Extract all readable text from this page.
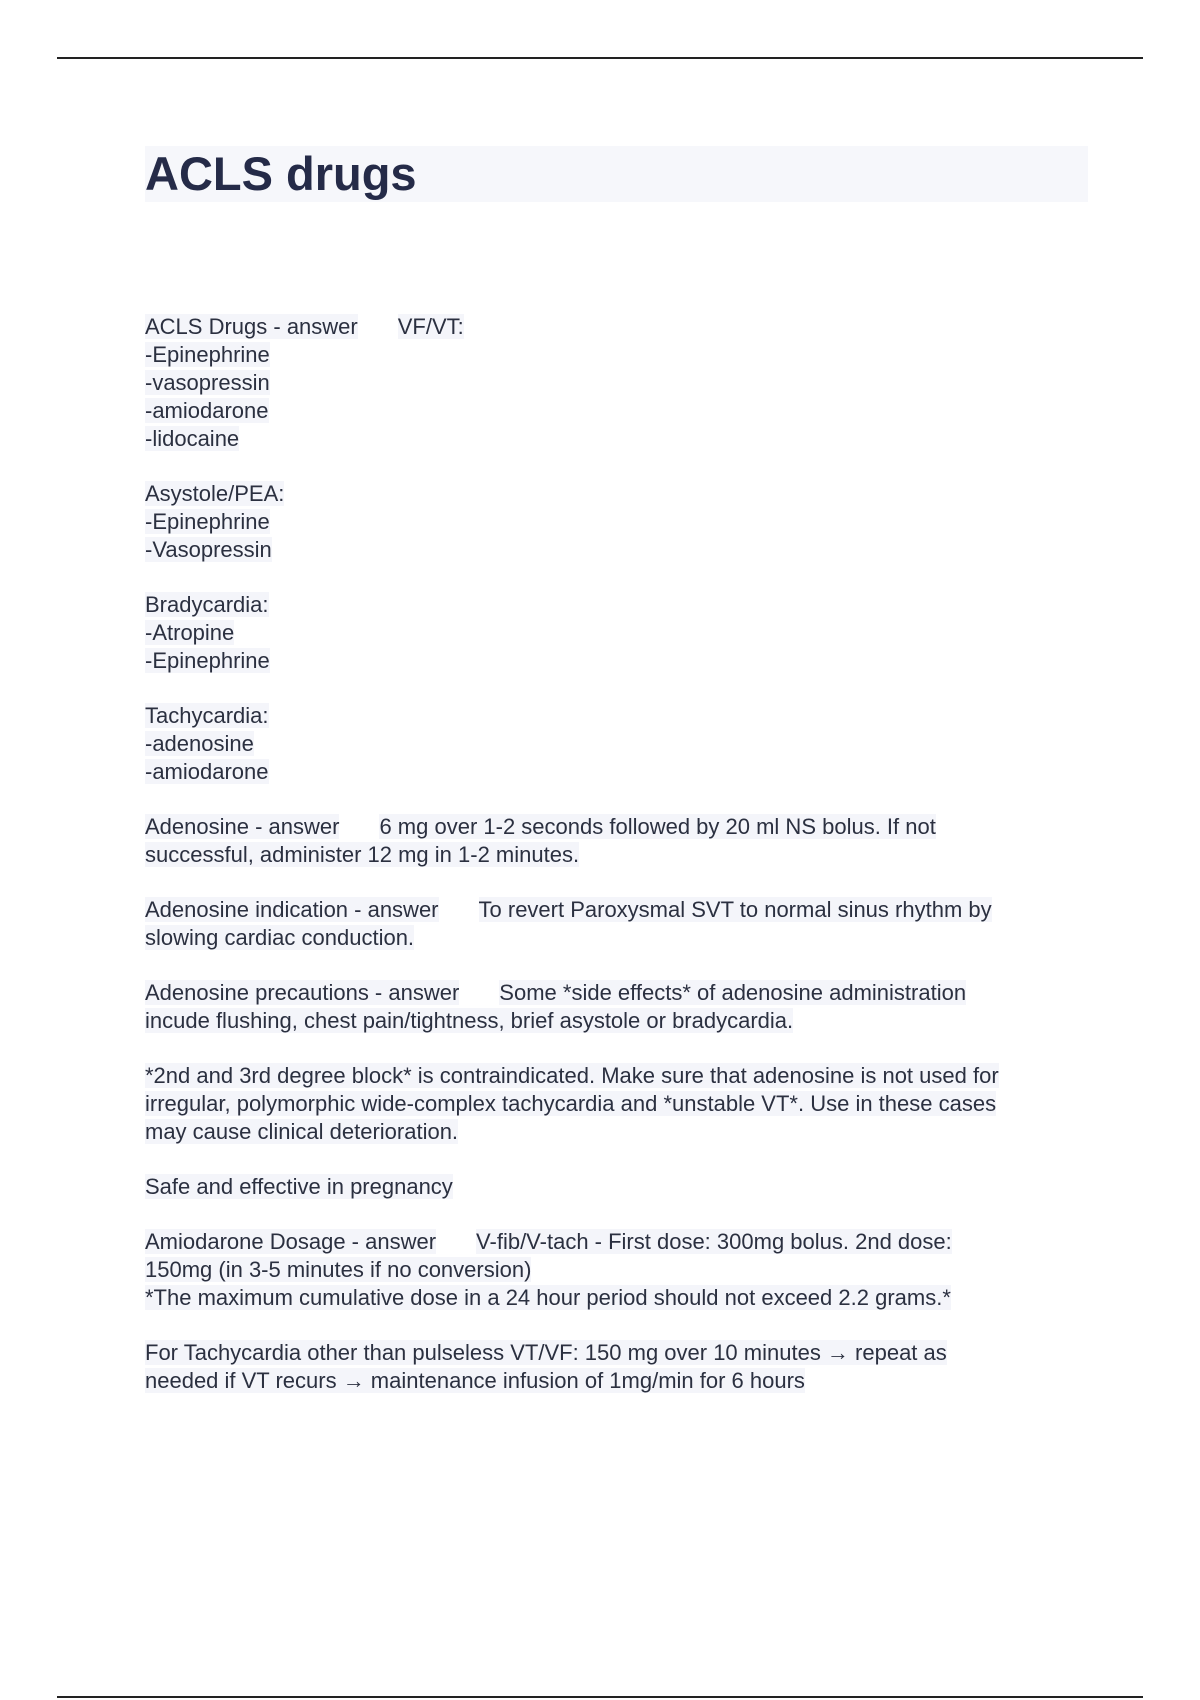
ACLS drugs
ACLS Drugs - answer VF/VT:
-Epinephrine
-vasopressin
-amiodarone
-lidocaine
Asystole/PEA:
-Epinephrine
-Vasopressin
Bradycardia:
-Atropine
-Epinephrine
Tachycardia:
-adenosine
-amiodarone
Adenosine - answer 6 mg over 1-2 seconds followed by 20 ml NS bolus. If not
successful, administer 12 mg in 1-2 minutes.
Adenosine indication - answer To revert Paroxysmal SVT to normal sinus rhythm by
slowing cardiac conduction.
Adenosine precautions - answer Some *side effects* of adenosine administration
incude flushing, chest pain/tightness, brief asystole or bradycardia.
*2nd and 3rd degree block* is contraindicated. Make sure that adenosine is not used for
irregular, polymorphic wide-complex tachycardia and *unstable VT*. Use in these cases
may cause clinical deterioration.
Safe and effective in pregnancy
Amiodarone Dosage - answer V-fib/V-tach - First dose: 300mg bolus. 2nd dose:
150mg (in 3-5 minutes if no conversion)
*The maximum cumulative dose in a 24 hour period should not exceed 2.2 grams.*
For Tachycardia other than pulseless VT/VF: 150 mg over 10 minutes → repeat as
needed if VT recurs → maintenance infusion of 1mg/min for 6 hours
